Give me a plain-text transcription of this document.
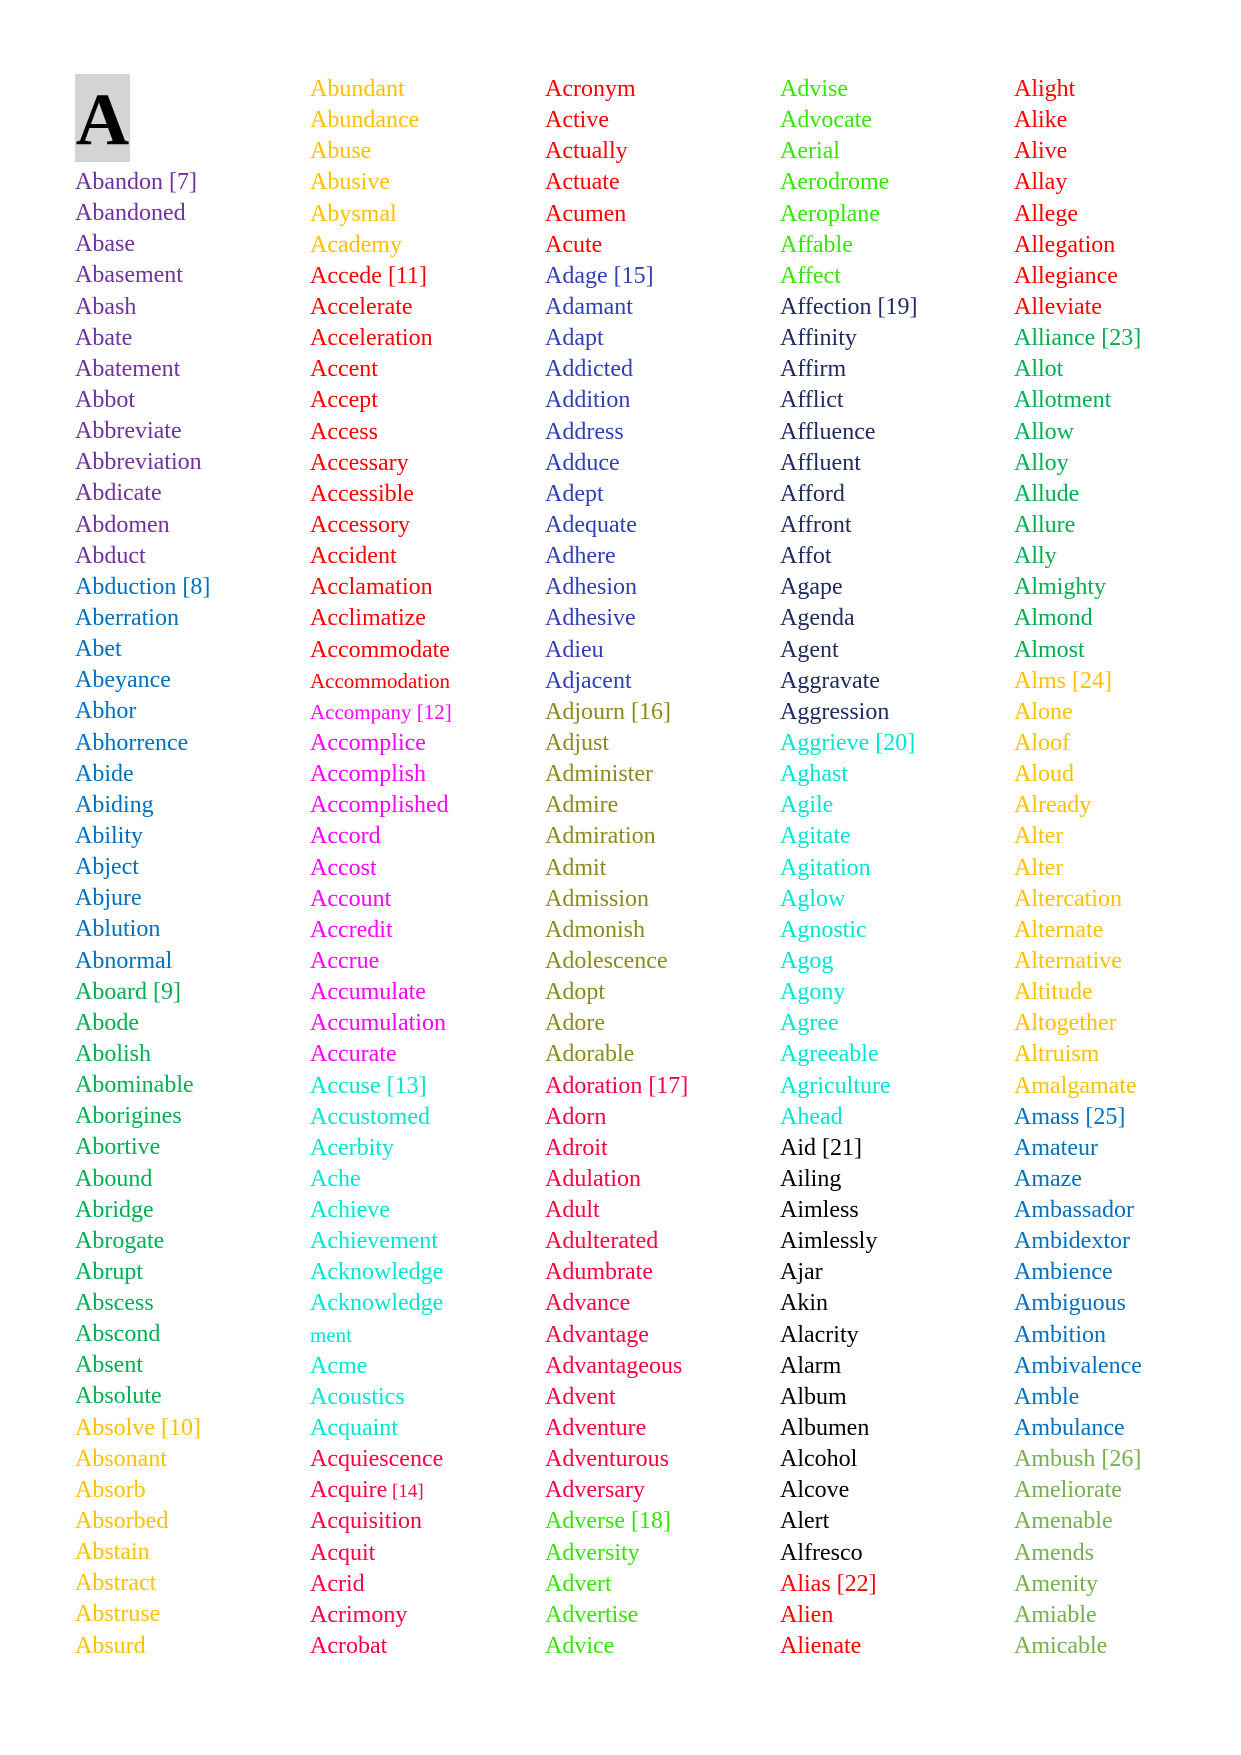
A
Abandon [7]
Abandoned
Abase
Abasement
Abash
Abate
Abatement
Abbot
Abbreviate
Abbreviation
Abdicate
Abdomen
Abduct
Abduction [8]
Aberration
Abet
Abeyance
Abhor
Abhorrence
Abide
Abiding
Ability
Abject
Abjure
Ablution
Abnormal
Aboard [9]
Abode
Abolish
Abominable
Aborigines
Abortive
Abound
Abridge
Abrogate
Abrupt
Abscess
Abscond
Absent
Absolute
Absolve [10]
Absonant
Absorb
Absorbed
Abstain
Abstract
Abstruse
Absurd
Abundant
Abundance
Abuse
Abusive
Abysmal
Academy
Accede [11]
Accelerate
Acceleration
Accent
Accept
Access
Accessary
Accessible
Accessory
Accident
Acclamation
Acclimatize
Accommodate
Accommodation
Accompany [12]
Accomplice
Accomplish
Accomplished
Accord
Accost
Account
Accredit
Accrue
Accumulate
Accumulation
Accurate
Accuse [13]
Accustomed
Acerbity
Ache
Achieve
Achievement
Acknowledge
Acknowledge
ment
Acme
Acoustics
Acquaint
Acquiescence
Acquire [14]
Acquisition
Acquit
Acrid
Acrimony
Acrobat
Acronym
Active
Actually
Actuate
Acumen
Acute
Adage [15]
Adamant
Adapt
Addicted
Addition
Address
Adduce
Adept
Adequate
Adhere
Adhesion
Adhesive
Adieu
Adjacent
Adjourn [16]
Adjust
Administer
Admire
Admiration
Admit
Admission
Admonish
Adolescence
Adopt
Adore
Adorable
Adoration [17]
Adorn
Adroit
Adulation
Adult
Adulterated
Adumbrate
Advance
Advantage
Advantageous
Advent
Adventure
Adventurous
Adversary
Adverse [18]
Adversity
Advert
Advertise
Advice
Advise
Advocate
Aerial
Aerodrome
Aeroplane
Affable
Affect
Affection [19]
Affinity
Affirm
Afflict
Affluence
Affluent
Afford
Affront
Affot
Agape
Agenda
Agent
Aggravate
Aggression
Aggrieve [20]
Aghast
Agile
Agitate
Agitation
Aglow
Agnostic
Agog
Agony
Agree
Agreeable
Agriculture
Ahead
Aid [21]
Ailing
Aimless
Aimlessly
Ajar
Akin
Alacrity
Alarm
Album
Albumen
Alcohol
Alcove
Alert
Alfresco
Alias [22]
Alien
Alienate
Alight
Alike
Alive
Allay
Allege
Allegation
Allegiance
Alleviate
Alliance [23]
Allot
Allotment
Allow
Alloy
Allude
Allure
Ally
Almighty
Almond
Almost
Alms [24]
Alone
Aloof
Aloud
Already
Alter
Alter
Altercation
Alternate
Alternative
Altitude
Altogether
Altruism
Amalgamate
Amass [25]
Amateur
Amaze
Ambassador
Ambidextor
Ambience
Ambiguous
Ambition
Ambivalence
Amble
Ambulance
Ambush [26]
Ameliorate
Amenable
Amends
Amenity
Amiable
Amicable
